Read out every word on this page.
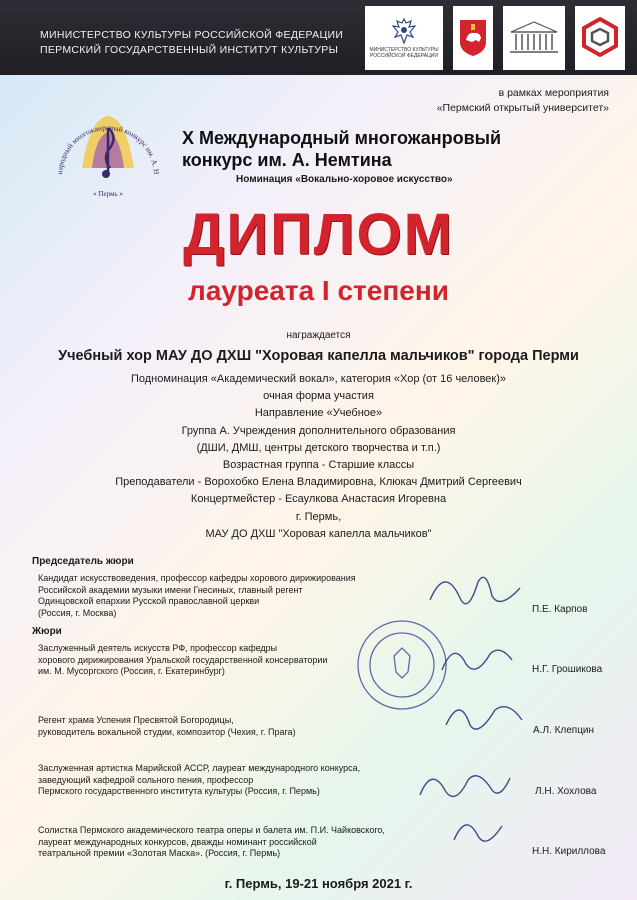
МИНИСТЕРСТВО КУЛЬТУРЫ РОССИЙСКОЙ ФЕДЕРАЦИИ
ПЕРМСКИЙ ГОСУДАРСТВЕННЫЙ ИНСТИТУТ КУЛЬТУРЫ	МИНИСТЕРСТВО КУЛЬТУРЫ РОССИЙСКОЙ ФЕДЕРАЦИИ
в рамках мероприятия
«Пермский открытый университет»
народный многожанровый конкурс им. А. Н
« Пермь »
X Международный многожанровый
конкурс им. А. Немтина
Номинация «Вокально-хоровое искусство»
ДИПЛОМ
лауреата I степени
награждается
Учебный хор МАУ ДО ДХШ "Хоровая капелла мальчиков" города Перми
Подноминация «Академический вокал», категория «Хор (от 16 человек)»
очная форма участия
Направление «Учебное»
Группа А. Учреждения дополнительного образования
(ДШИ, ДМШ, центры детского творчества и т.п.)
Возрастная группа - Старшие классы
Преподаватели - Ворохобко Елена Владимировна, Клюкач Дмитрий Сергеевич
Концертмейстер - Есаулкова Анастасия Игоревна
г. Пермь,
МАУ ДО ДХШ "Хоровая капелла мальчиков"
Председатель жюри
Кандидат искусствоведения, профессор кафедры хорового дирижирования
Российской академии музыки имени Гнесиных, главный регент
Одинцовской епархии Русской православной церкви
(Россия, г. Москва)	П.Е. Карпов
Жюри
Заслуженный деятель искусств РФ, профессор кафедры
хорового дирижирования Уральской государственной консерватории
им. М. Мусоргского (Россия, г. Екатеринбург)	Н.Г. Грошикова
Регент храма Успения Пресвятой Богородицы,
руководитель вокальной студии, композитор (Чехия, г. Прага)	А.Л. Клепцин
Заслуженная артистка Марийской АССР, лауреат международного конкурса,
заведующий кафедрой сольного пения, профессор
Пермского государственного института культуры (Россия, г. Пермь)	Л.Н. Хохлова
Солистка Пермского академического театра оперы и балета им. П.И. Чайковского,
лауреат международных конкурсов, дважды номинант российской
театральной премии «Золотая Маска». (Россия, г. Пермь)	Н.Н. Кириллова
г. Пермь, 19-21 ноября 2021 г.
